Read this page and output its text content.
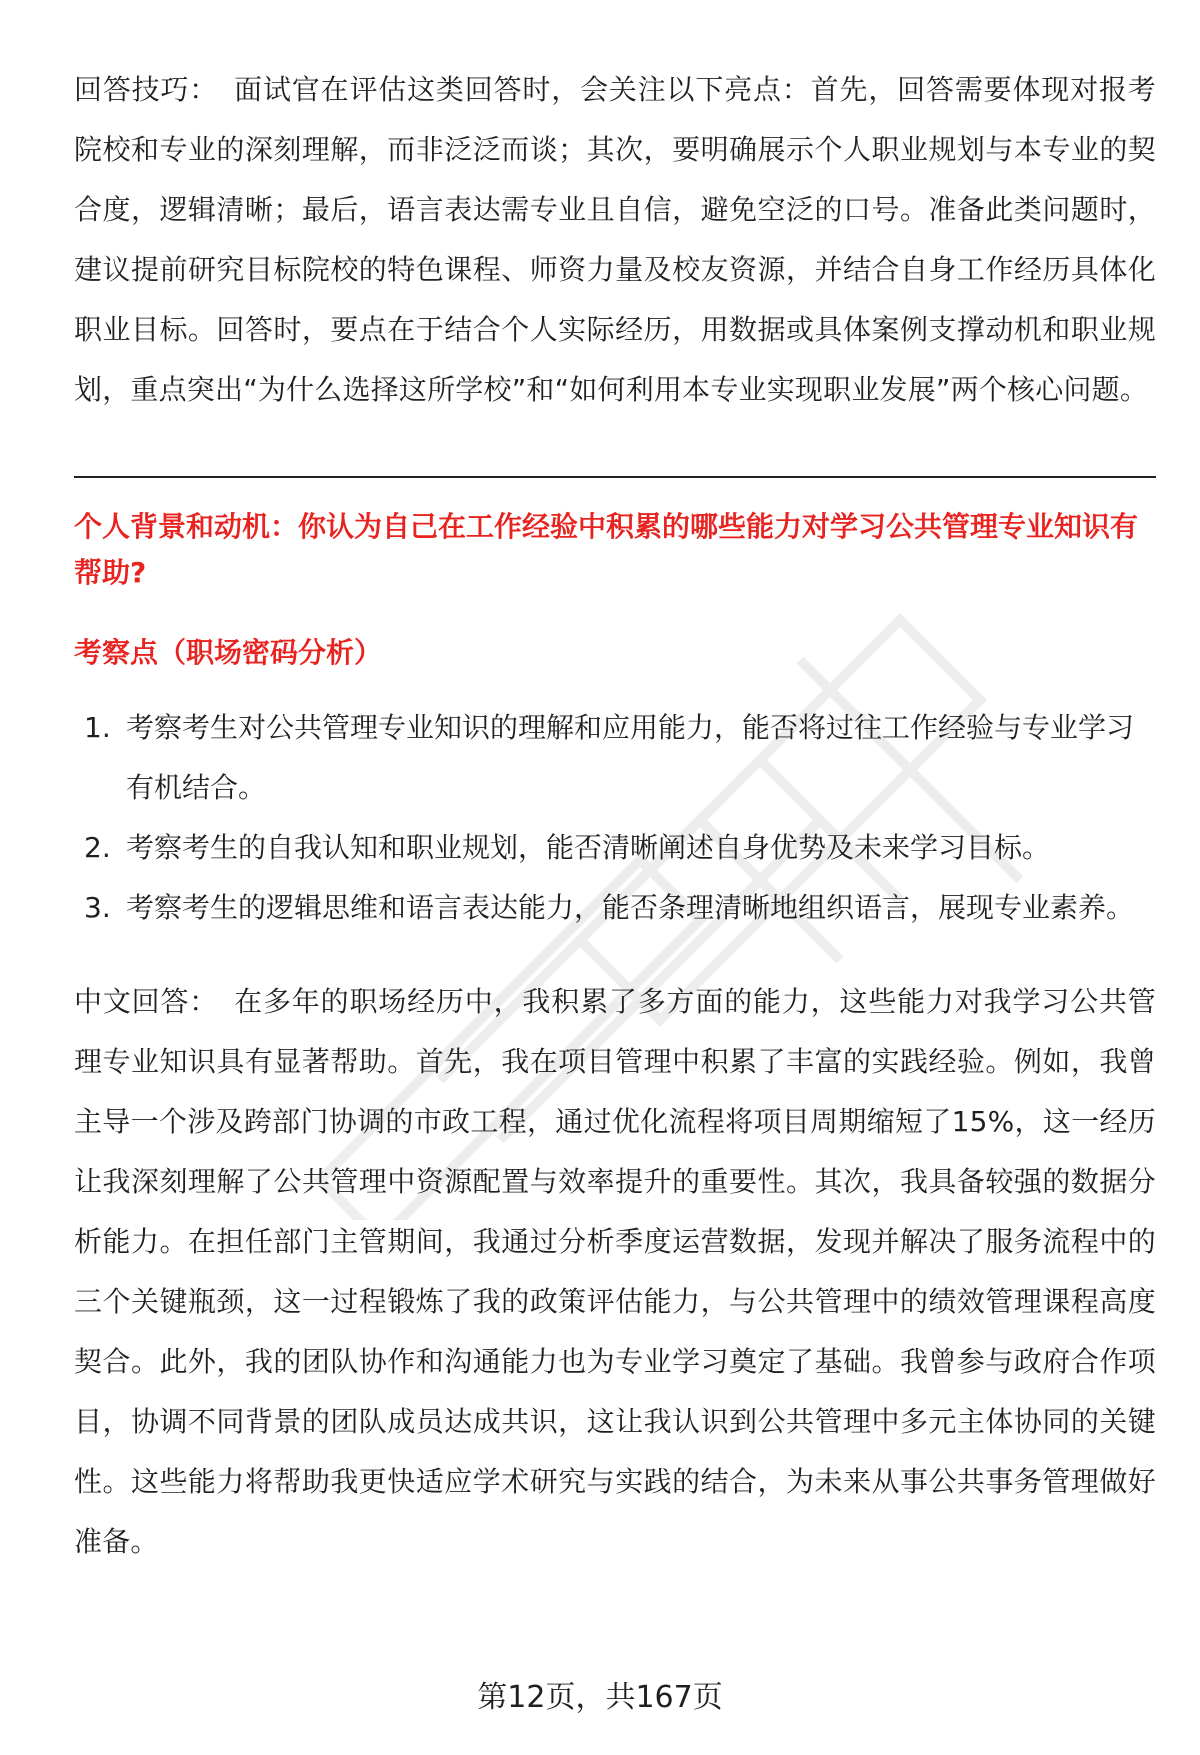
回答技巧： 面试官在评估这类回答时，会关注以下亮点：首先，回答需要体现对报考院校和专业的深刻理解，而非泛泛而谈；其次，要明确展示个人职业规划与本专业的契合度，逻辑清晰；最后，语言表达需专业且自信，避免空泛的口号。准备此类问题时，建议提前研究目标院校的特色课程、师资力量及校友资源，并结合自身工作经历具体化职业目标。回答时，要点在于结合个人实际经历，用数据或具体案例支撑动机和职业规划，重点突出“为什么选择这所学校”和“如何利用本专业实现职业发展”两个核心问题。

个人背景和动机：你认为自己在工作经验中积累的哪些能力对学习公共管理专业知识有帮助?

考察点（职场密码分析）

1. 考察考生对公共管理专业知识的理解和应用能力，能否将过往工作经验与专业学习有机结合。
2. 考察考生的自我认知和职业规划，能否清晰阐述自身优势及未来学习目标。
3. 考察考生的逻辑思维和语言表达能力，能否条理清晰地组织语言，展现专业素养。

中文回答： 在多年的职场经历中，我积累了多方面的能力，这些能力对我学习公共管理专业知识具有显著帮助。首先，我在项目管理中积累了丰富的实践经验。例如，我曾主导一个涉及跨部门协调的市政工程，通过优化流程将项目周期缩短了15%，这一经历让我深刻理解了公共管理中资源配置与效率提升的重要性。其次，我具备较强的数据分析能力。在担任部门主管期间，我通过分析季度运营数据，发现并解决了服务流程中的三个关键瓶颈，这一过程锻炼了我的政策评估能力，与公共管理中的绩效管理课程高度契合。此外，我的团队协作和沟通能力也为专业学习奠定了基础。我曾参与政府合作项目，协调不同背景的团队成员达成共识，这让我认识到公共管理中多元主体协同的关键性。这些能力将帮助我更快适应学术研究与实践的结合，为未来从事公共事务管理做好准备。

第12页，共167页
